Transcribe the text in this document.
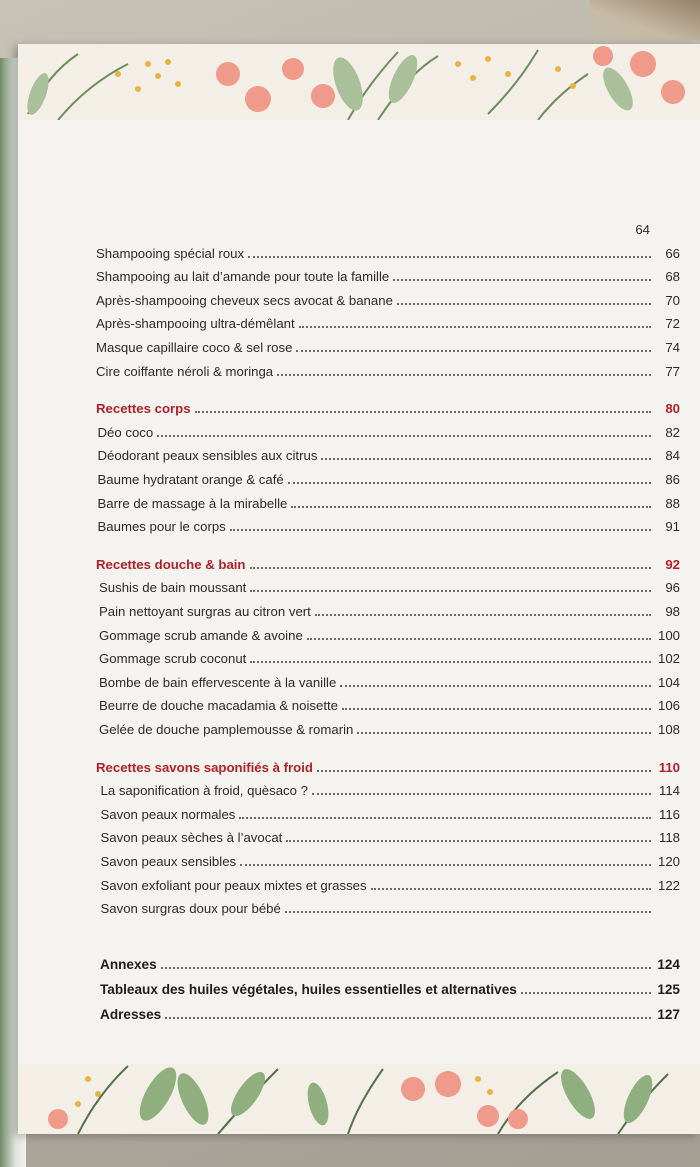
64
Shampooing spécial roux	66
Shampooing au lait d’amande pour toute la famille	68
Après-shampooing cheveux secs avocat & banane	70
Après-shampooing ultra-démêlant	72
Masque capillaire coco & sel rose	74
Cire coiffante néroli & moringa	77
Recettes corps	80
Déo coco	82
Déodorant peaux sensibles aux citrus	84
Baume hydratant orange & café	86
Barre de massage à la mirabelle	88
Baumes pour le corps	91
Recettes douche & bain	92
Sushis de bain moussant	96
Pain nettoyant surgras au citron vert	98
Gommage scrub amande & avoine	100
Gommage scrub coconut	102
Bombe de bain effervescente à la vanille	104
Beurre de douche macadamia & noisette	106
Gelée de douche pamplemousse & romarin	108
Recettes savons saponifiés à froid	110
La saponification à froid, quèsaco ?	114
Savon peaux normales	116
Savon peaux sèches à l’avocat	118
Savon peaux sensibles	120
Savon exfoliant pour peaux mixtes et grasses	122
Savon surgras doux pour bébé
Annexes	124
Tableaux des huiles végétales, huiles essentielles et alternatives	125
Adresses	127
